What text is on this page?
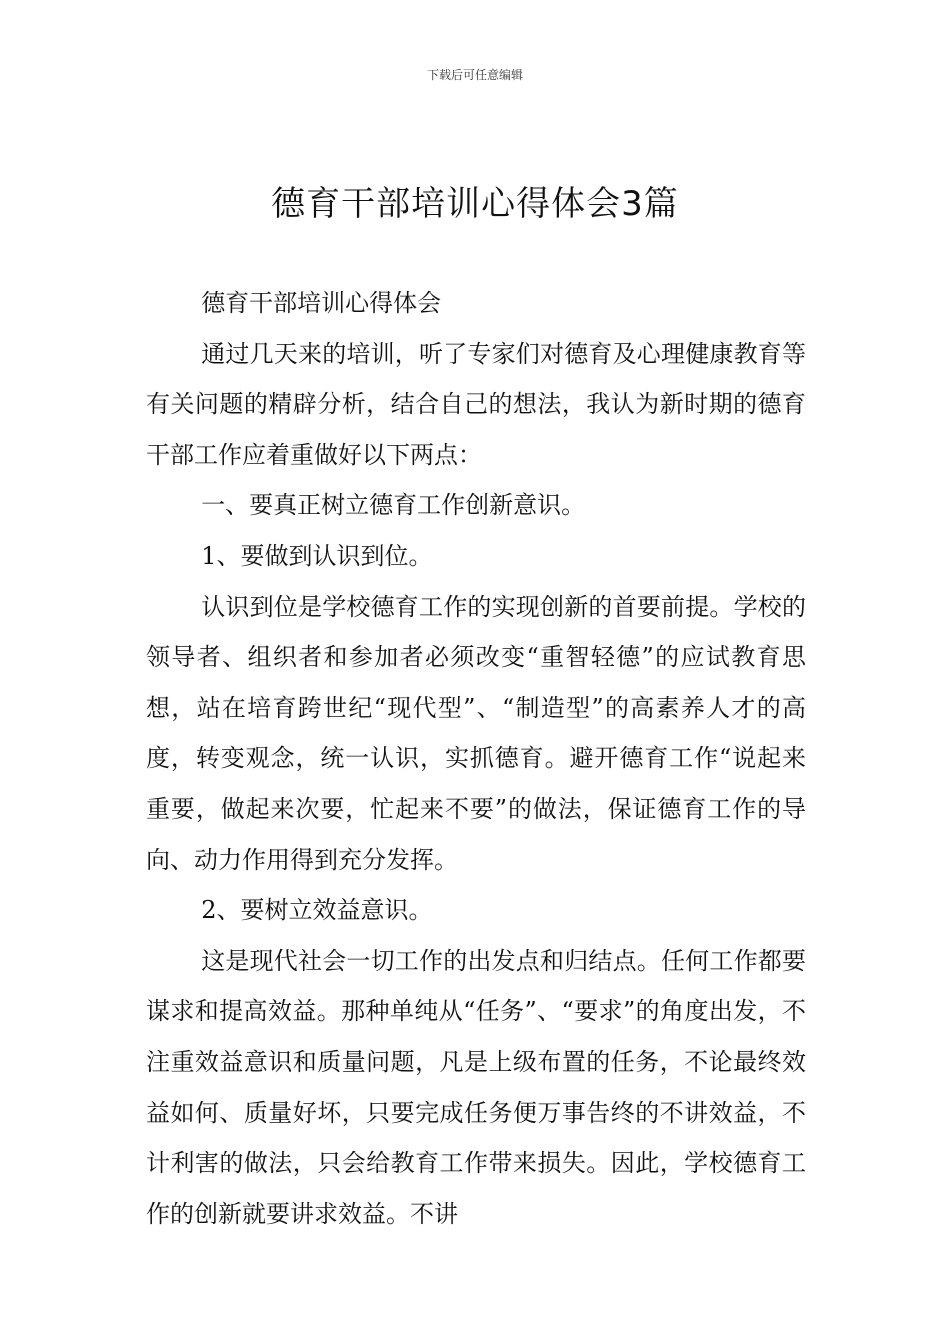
下载后可任意编辑
德育干部培训心得体会3篇

德育干部培训心得体会

通过几天来的培训，听了专家们对德育及心理健康教育等有关问题的精辟分析，结合自己的想法，我认为新时期的德育干部工作应着重做好以下两点：

一、要真正树立德育工作创新意识。

1、要做到认识到位。

认识到位是学校德育工作的实现创新的首要前提。学校的领导者、组织者和参加者必须改变“重智轻德”的应试教育思想，站在培育跨世纪“现代型”、“制造型”的高素养人才的高度，转变观念，统一认识，实抓德育。避开德育工作“说起来重要，做起来次要，忙起来不要”的做法，保证德育工作的导向、动力作用得到充分发挥。

2、要树立效益意识。

这是现代社会一切工作的出发点和归结点。任何工作都要谋求和提高效益。那种单纯从“任务”、“要求”的角度出发，不注重效益意识和质量问题，凡是上级布置的任务，不论最终效益如何、质量好坏，只要完成任务便万事告终的不讲效益，不计利害的做法，只会给教育工作带来损失。因此，学校德育工作的创新就要讲求效益。不讲
